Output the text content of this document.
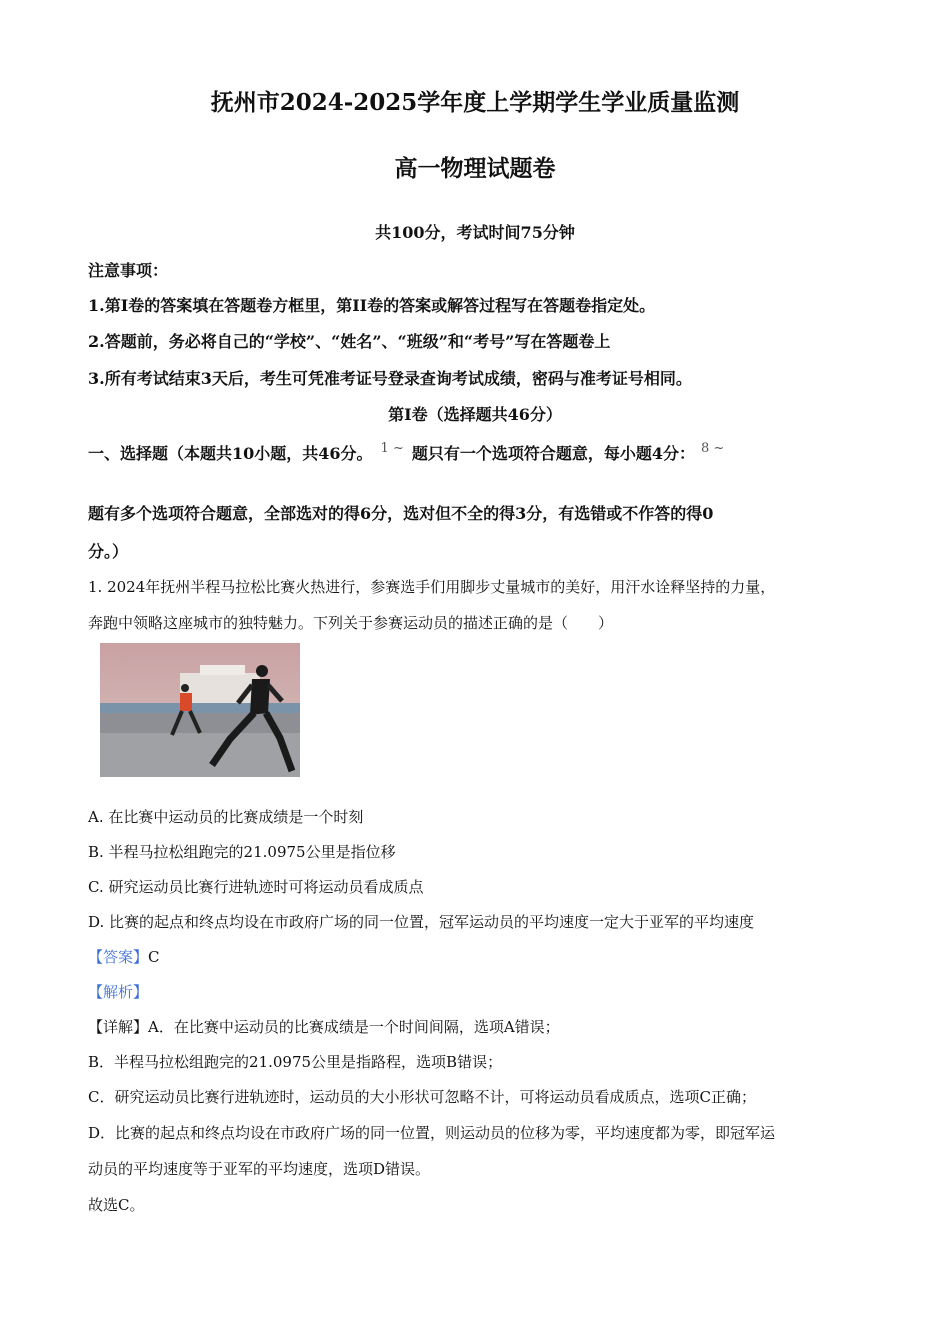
抚州市2024-2025学年度上学期学生学业质量监测
高一物理试题卷
共100分，考试时间75分钟
注意事项：
1.第I卷的答案填在答题卷方框里，第II卷的答案或解答过程写在答题卷指定处。
2.答题前，务必将自己的“学校”、“姓名”、“班级”和“考号”写在答题卷上
3.所有考试结束3天后，考生可凭准考证号登录查询考试成绩，密码与准考证号相同。
第I卷（选择题共46分）
一、选择题（本题共10小题，共46分。 $^{1 \sim}$ 题只有一个选项符合题意，每小题4分： $^{8 \sim}$
题有多个选项符合题意，全部选对的得6分，选对但不全的得3分，有选错或不作答的得0
分。）
1. 2024年抚州半程马拉松比赛火热进行，参赛选手们用脚步丈量城市的美好，用汗水诠释坚持的力量，
奔跑中领略这座城市的独特魅力。下列关于参赛运动员的描述正确的是（　　）
A. 在比赛中运动员的比赛成绩是一个时刻
B. 半程马拉松组跑完的21.0975公里是指位移
C. 研究运动员比赛行进轨迹时可将运动员看成质点
D. 比赛的起点和终点均设在市政府广场的同一位置，冠军运动员的平均速度一定大于亚军的平均速度
【答案】C
【解析】
【详解】A．在比赛中运动员的比赛成绩是一个时间间隔，选项A错误；
B．半程马拉松组跑完的21.0975公里是指路程，选项B错误；
C．研究运动员比赛行进轨迹时，运动员的大小形状可忽略不计，可将运动员看成质点，选项C正确；
D．比赛的起点和终点均设在市政府广场的同一位置，则运动员的位移为零，平均速度都为零，即冠军运
动员的平均速度等于亚军的平均速度，选项D错误。
故选C。
